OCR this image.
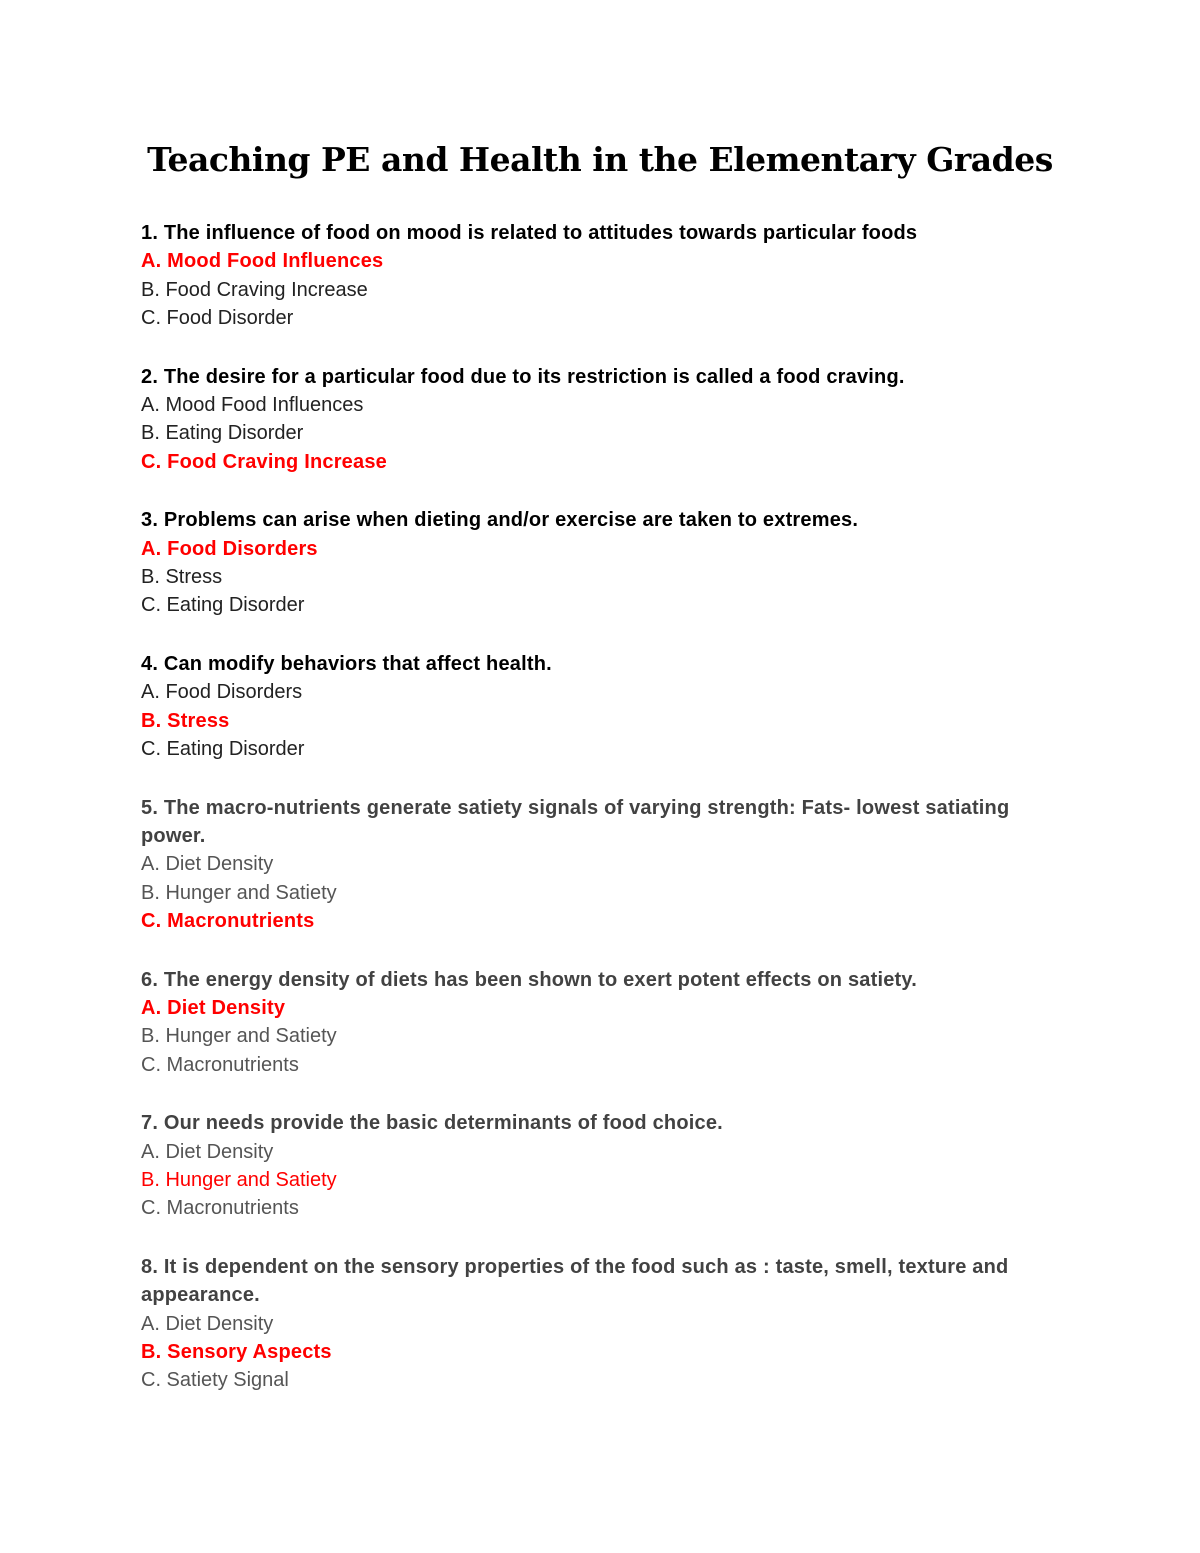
Teaching PE and Health in the Elementary Grades

1. The influence of food on mood is related to attitudes towards particular foods

A. Mood Food Influences

B. Food Craving Increase

C. Food Disorder

2. The desire for a particular food due to its restriction is called a food craving.

A. Mood Food Influences

B. Eating Disorder

C. Food Craving Increase

3. Problems can arise when dieting and/or exercise are taken to extremes.

A. Food Disorders

B. Stress

C. Eating Disorder

4. Can modify behaviors that affect health.

A. Food Disorders

B. Stress

C. Eating Disorder

5. The macro-nutrients generate satiety signals of varying strength: Fats- lowest satiating power.

A. Diet Density

B. Hunger and Satiety

C. Macronutrients

6. The energy density of diets has been shown to exert potent effects on satiety.

A. Diet Density

B. Hunger and Satiety

C. Macronutrients

7. Our needs provide the basic determinants of food choice.

A. Diet Density

B. Hunger and Satiety

C. Macronutrients

8. It is dependent on the sensory properties of the food such as : taste, smell, texture and appearance.

A. Diet Density

B. Sensory Aspects

C. Satiety Signal
